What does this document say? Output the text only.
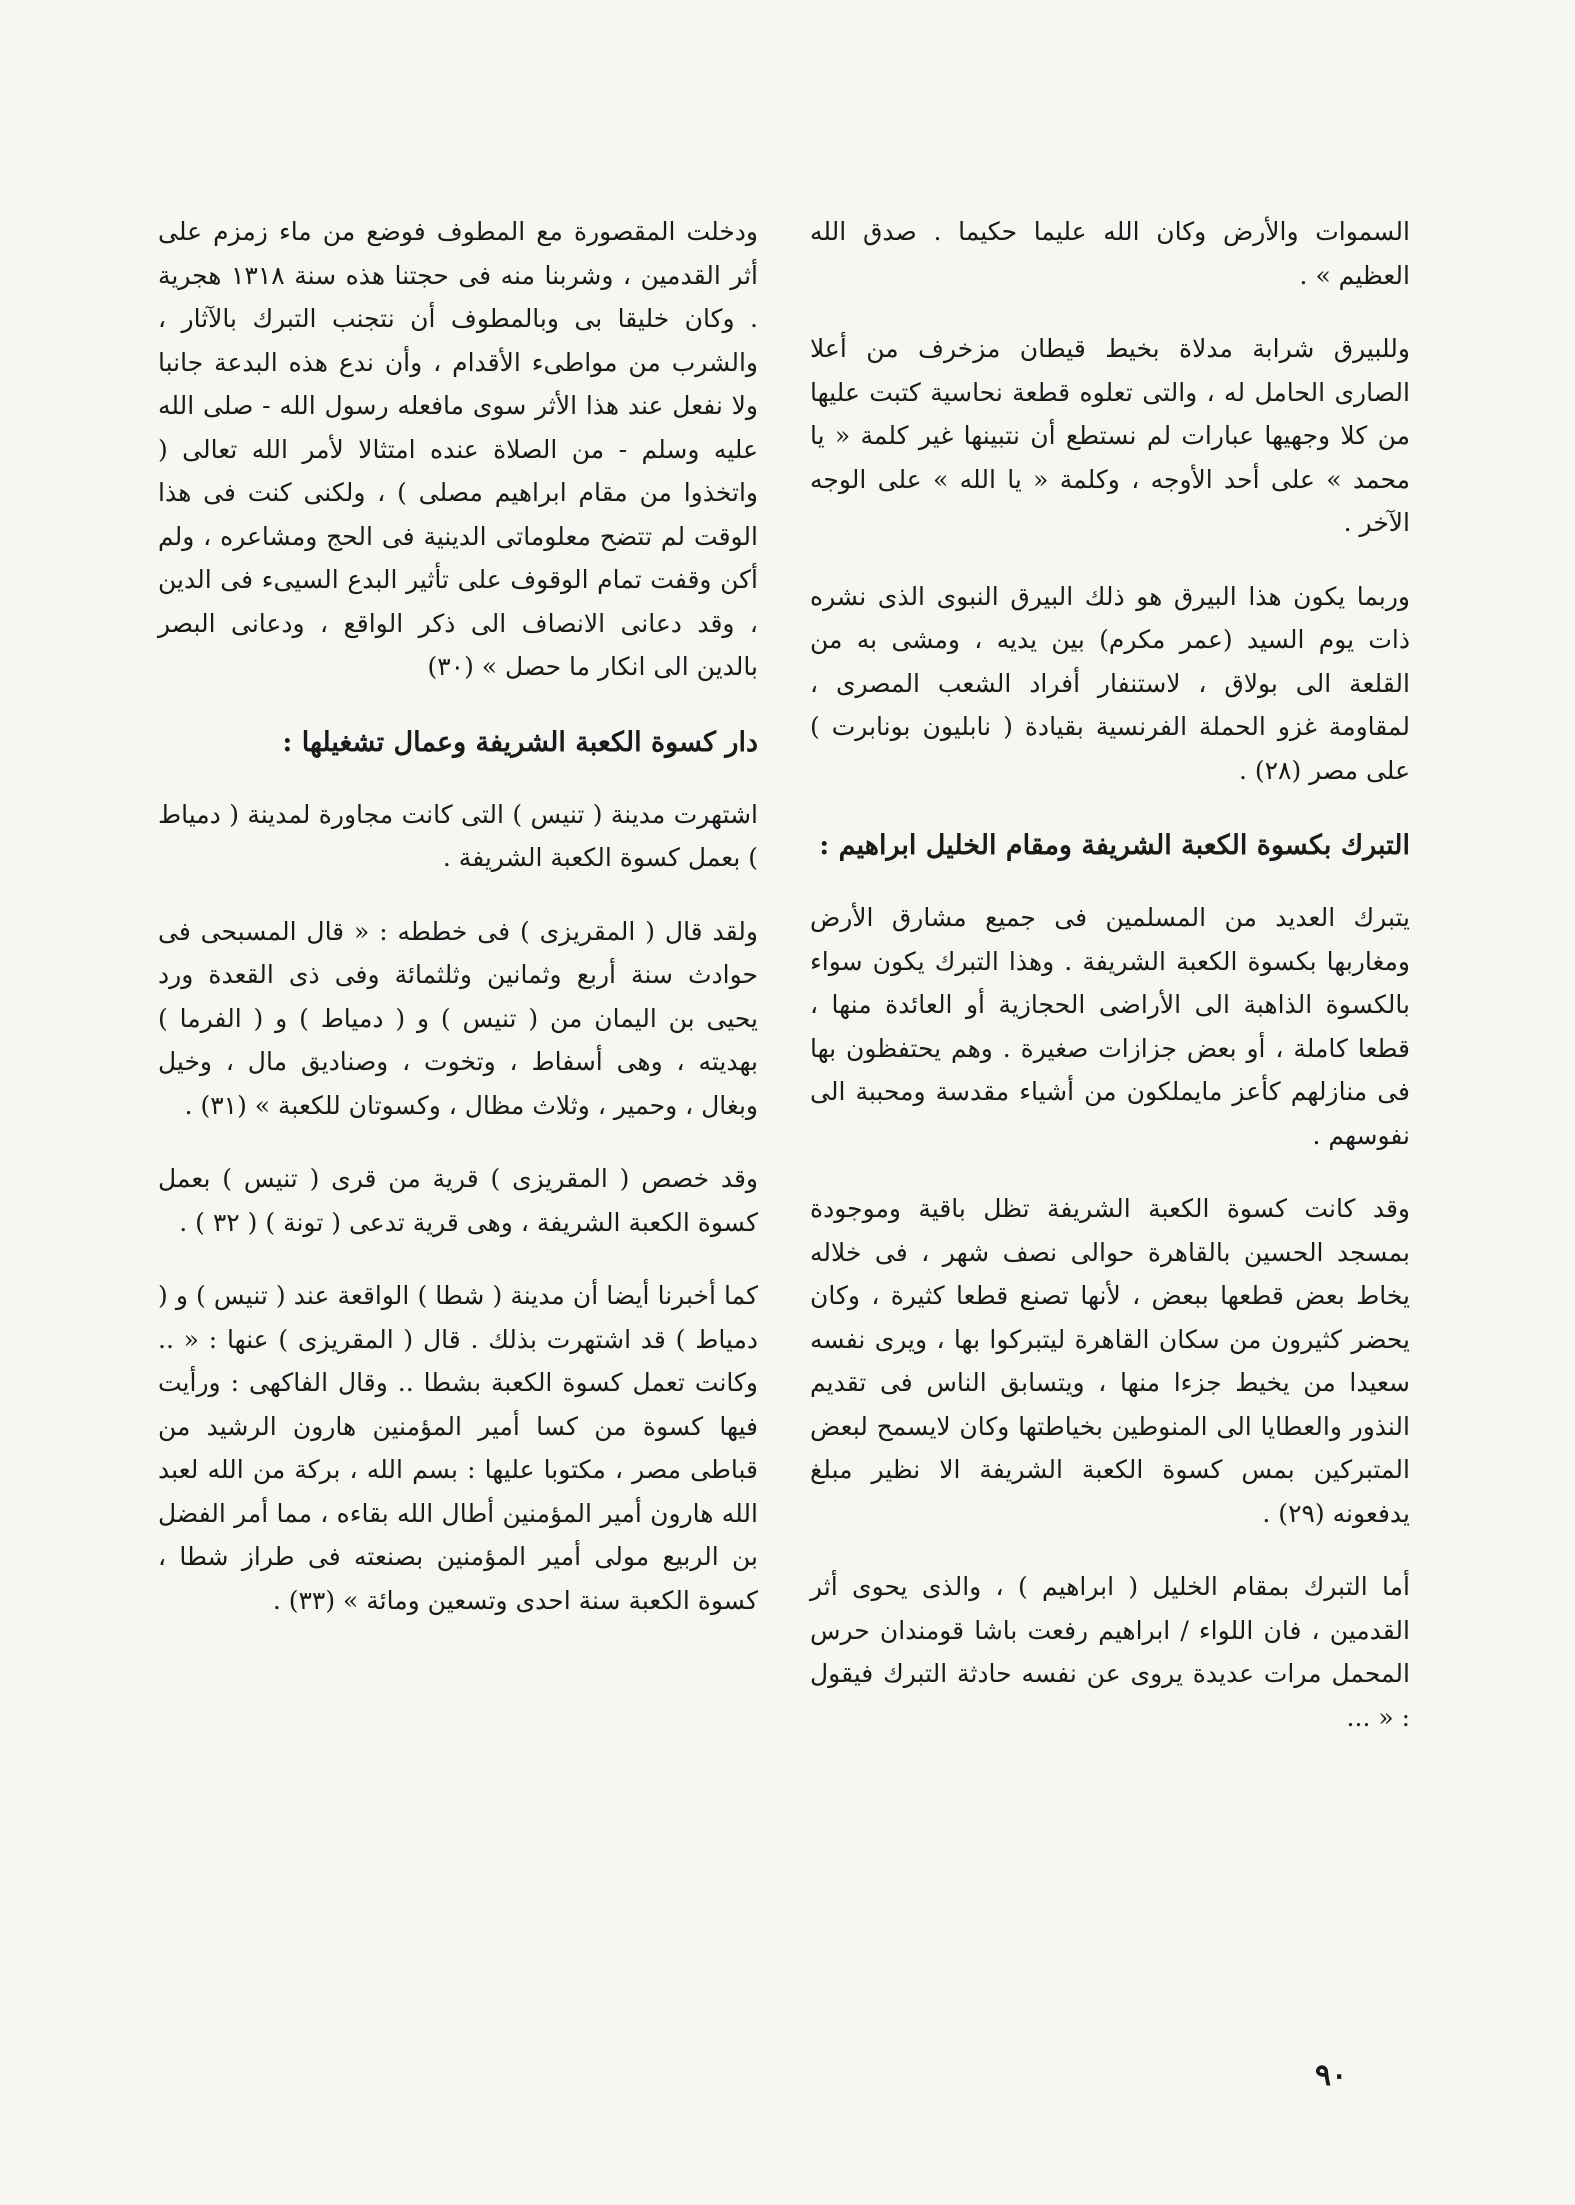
السموات والأرض وكان الله عليما حكيما . صدق الله العظيم » .

وللبيرق شرابة مدلاة بخيط قيطان مزخرف من أعلا الصارى الحامل له ، والتى تعلوه قطعة نحاسية كتبت عليها من كلا وجهيها عبارات لم نستطع أن نتبينها غير كلمة « يا محمد » على أحد الأوجه ، وكلمة « يا الله » على الوجه الآخر .

وربما يكون هذا البيرق هو ذلك البيرق النبوى الذى نشره ذات يوم السيد (عمر مكرم) بين يديه ، ومشى به من القلعة الى بولاق ، لاستنفار أفراد الشعب المصرى ، لمقاومة غزو الحملة الفرنسية بقيادة ( نابليون بونابرت ) على مصر (٢٨) .

التبرك بكسوة الكعبة الشريفة ومقام الخليل ابراهيم :

يتبرك العديد من المسلمين فى جميع مشارق الأرض ومغاربها بكسوة الكعبة الشريفة . وهذا التبرك يكون سواء بالكسوة الذاهبة الى الأراضى الحجازية أو العائدة منها ، قطعا كاملة ، أو بعض جزازات صغيرة . وهم يحتفظون بها فى منازلهم كأعز مايملكون من أشياء مقدسة ومحببة الى نفوسهم .

وقد كانت كسوة الكعبة الشريفة تظل باقية وموجودة بمسجد الحسين بالقاهرة حوالى نصف شهر ، فى خلاله يخاط بعض قطعها ببعض ، لأنها تصنع قطعا كثيرة ، وكان يحضر كثيرون من سكان القاهرة ليتبركوا بها ، ويرى نفسه سعيدا من يخيط جزءا منها ، ويتسابق الناس فى تقديم النذور والعطايا الى المنوطين بخياطتها وكان لايسمح لبعض المتبركين بمس كسوة الكعبة الشريفة الا نظير مبلغ يدفعونه (٢٩) .

أما التبرك بمقام الخليل ( ابراهيم ) ، والذى يحوى أثر القدمين ، فان اللواء / ابراهيم رفعت باشا قومندان حرس المحمل مرات عديدة يروى عن نفسه حادثة التبرك فيقول : « ...

ودخلت المقصورة مع المطوف فوضع من ماء زمزم على أثر القدمين ، وشربنا منه فى حجتنا هذه سنة ١٣١٨ هجرية . وكان خليقا بى وبالمطوف أن نتجنب التبرك بالآثار ، والشرب من مواطىء الأقدام ، وأن ندع هذه البدعة جانبا ولا نفعل عند هذا الأثر سوى مافعله رسول الله - صلى الله عليه وسلم - من الصلاة عنده امتثالا لأمر الله تعالى ( واتخذوا من مقام ابراهيم مصلى ) ، ولكنى كنت فى هذا الوقت لم تتضح معلوماتى الدينية فى الحج ومشاعره ، ولم أكن وقفت تمام الوقوف على تأثير البدع السيىء فى الدين ، وقد دعانى الانصاف الى ذكر الواقع ، ودعانى البصر بالدين الى انكار ما حصل » (٣٠)

دار كسوة الكعبة الشريفة وعمال تشغيلها :

اشتهرت مدينة ( تنيس ) التى كانت مجاورة لمدينة ( دمياط ) بعمل كسوة الكعبة الشريفة .

ولقد قال ( المقريزى ) فى خططه : « قال المسبحى فى حوادث سنة أربع وثمانين وثلثمائة وفى ذى القعدة ورد يحيى بن اليمان من ( تنيس ) و ( دمياط ) و ( الفرما ) بهديته ، وهى أسفاط ، وتخوت ، وصناديق مال ، وخيل وبغال ، وحمير ، وثلاث مظال ، وكسوتان للكعبة » (٣١) .

وقد خصص ( المقريزى ) قرية من قرى ( تنيس ) بعمل كسوة الكعبة الشريفة ، وهى قرية تدعى ( تونة ) ( ٣٢ ) .

كما أخبرنا أيضا أن مدينة ( شطا ) الواقعة عند ( تنيس ) و ( دمياط ) قد اشتهرت بذلك . قال ( المقريزى ) عنها : « .. وكانت تعمل كسوة الكعبة بشطا .. وقال الفاكهى : ورأيت فيها كسوة من كسا أمير المؤمنين هارون الرشيد من قباطى مصر ، مكتوبا عليها : بسم الله ، بركة من الله لعبد الله هارون أمير المؤمنين أطال الله بقاءه ، مما أمر الفضل بن الربيع مولى أمير المؤمنين بصنعته فى طراز شطا ، كسوة الكعبة سنة احدى وتسعين ومائة » (٣٣) .

٩٠
